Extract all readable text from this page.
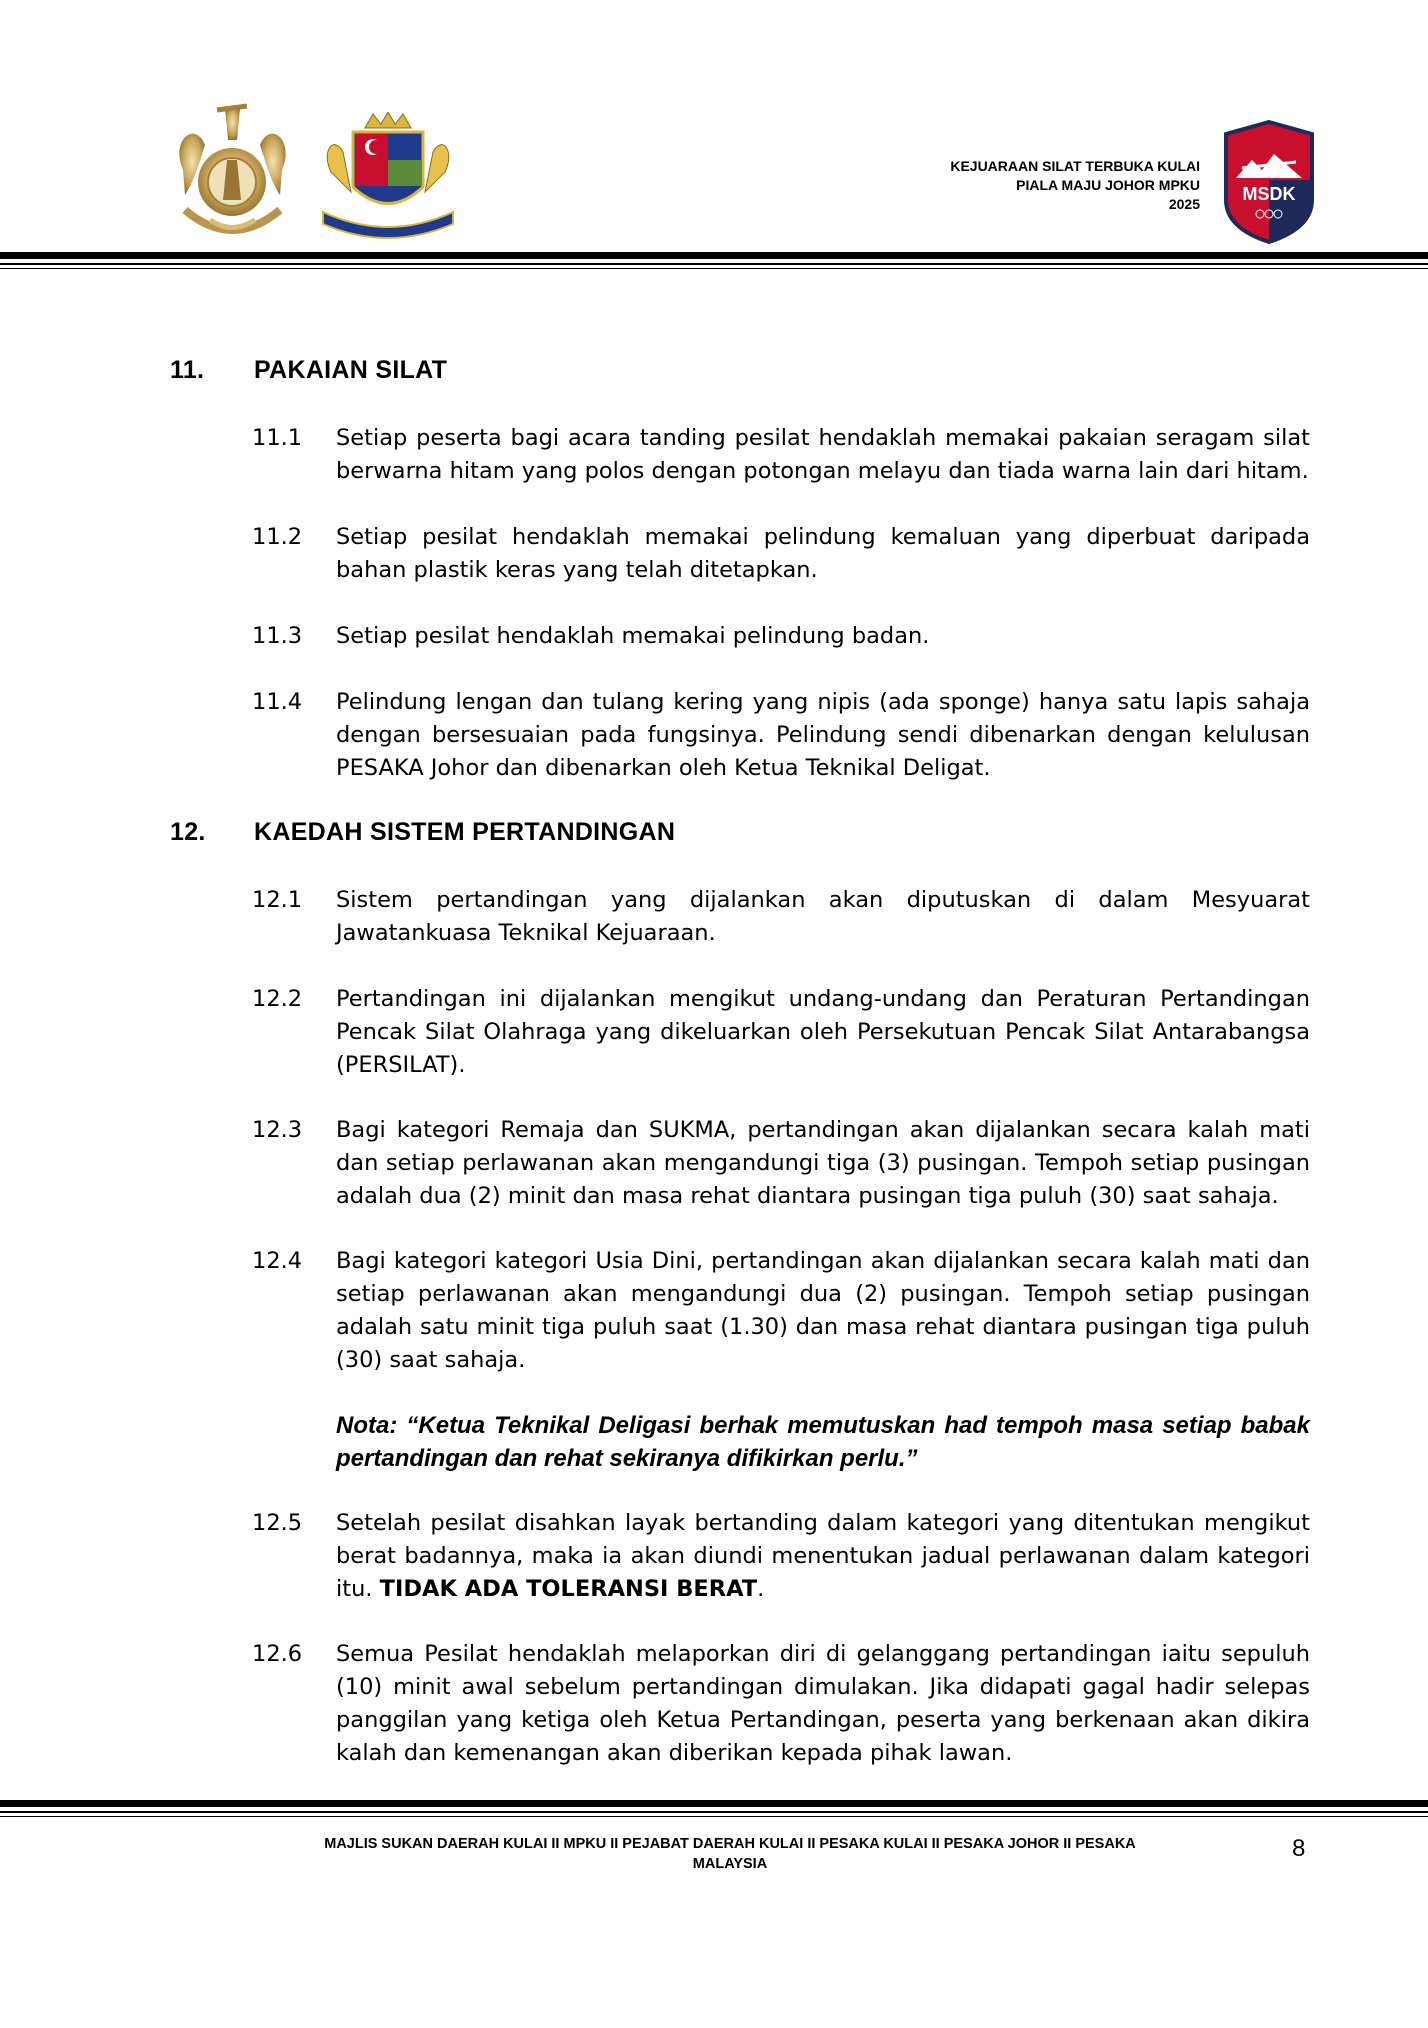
MSDK
KEJUARAAN SILAT TERBUKA KULAI
PIALA MAJU JOHOR MPKU
2025
11. PAKAIAN SILAT
11.1	Setiap peserta bagi acara tanding pesilat hendaklah memakai pakaian seragam silat berwarna hitam yang polos dengan potongan melayu dan tiada warna lain dari hitam.
11.2	Setiap pesilat hendaklah memakai pelindung kemaluan yang diperbuat daripada bahan plastik keras yang telah ditetapkan.
11.3	Setiap pesilat hendaklah memakai pelindung badan.
11.4	Pelindung lengan dan tulang kering yang nipis (ada sponge) hanya satu lapis sahaja dengan bersesuaian pada fungsinya. Pelindung sendi dibenarkan dengan kelulusan PESAKA Johor dan dibenarkan oleh Ketua Teknikal Deligat.
12. KAEDAH SISTEM PERTANDINGAN
12.1	Sistem pertandingan yang dijalankan akan diputuskan di dalam Mesyuarat Jawatankuasa Teknikal Kejuaraan.
12.2	Pertandingan ini dijalankan mengikut undang-undang dan Peraturan Pertandingan Pencak Silat Olahraga yang dikeluarkan oleh Persekutuan Pencak Silat Antarabangsa (PERSILAT).
12.3	Bagi kategori Remaja dan SUKMA, pertandingan akan dijalankan secara kalah mati dan setiap perlawanan akan mengandungi tiga (3) pusingan. Tempoh setiap pusingan adalah dua (2) minit dan masa rehat diantara pusingan tiga puluh (30) saat sahaja.
12.4	Bagi kategori kategori Usia Dini, pertandingan akan dijalankan secara kalah mati dan setiap perlawanan akan mengandungi dua (2) pusingan. Tempoh setiap pusingan adalah satu minit tiga puluh saat (1.30) dan masa rehat diantara pusingan tiga puluh (30) saat sahaja.
Nota: “Ketua Teknikal Deligasi berhak memutuskan had tempoh masa setiap babak pertandingan dan rehat sekiranya difikirkan perlu.”
12.5	Setelah pesilat disahkan layak bertanding dalam kategori yang ditentukan mengikut berat badannya, maka ia akan diundi menentukan jadual perlawanan dalam kategori itu. TIDAK ADA TOLERANSI BERAT.
12.6	Semua Pesilat hendaklah melaporkan diri di gelanggang pertandingan iaitu sepuluh (10) minit awal sebelum pertandingan dimulakan. Jika didapati gagal hadir selepas panggilan yang ketiga oleh Ketua Pertandingan, peserta yang berkenaan akan dikira kalah dan kemenangan akan diberikan kepada pihak lawan.
MAJLIS SUKAN DAERAH KULAI II MPKU II PEJABAT DAERAH KULAI II PESAKA KULAI II PESAKA JOHOR II PESAKA
MALAYSIA
8
